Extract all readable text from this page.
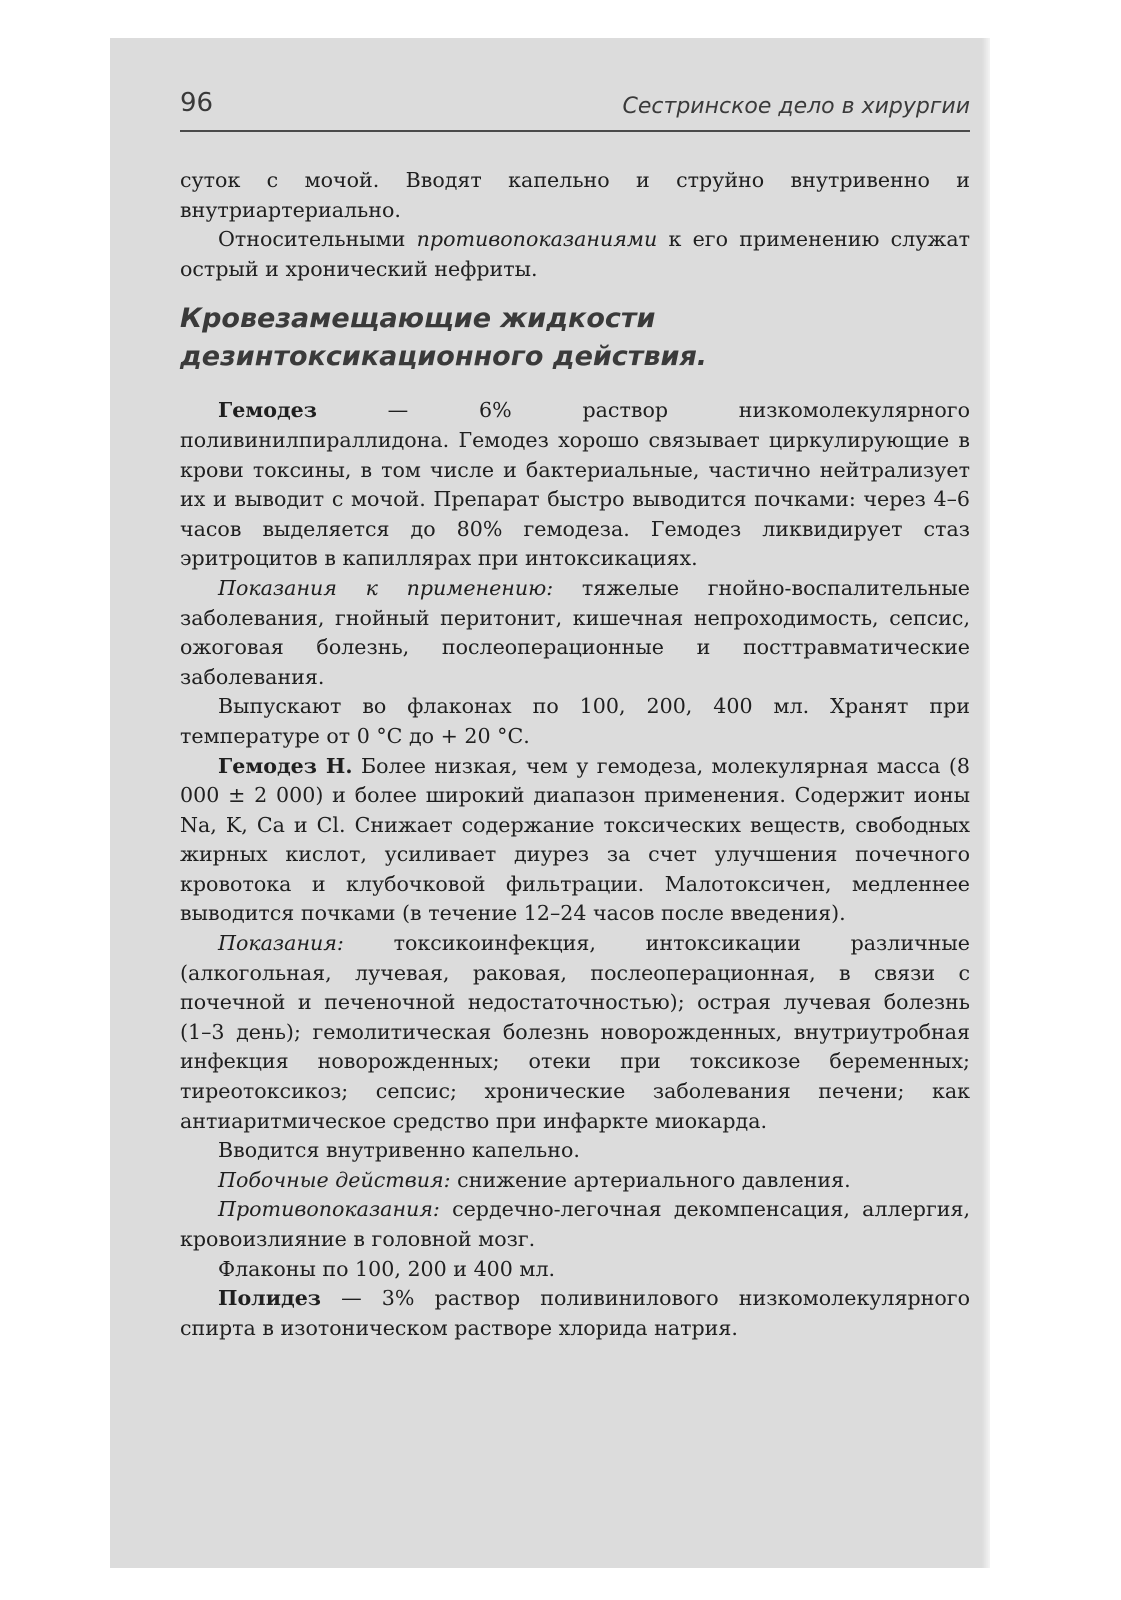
96	Сестринское дело в хирургии

суток с мочой. Вводят капельно и струйно внутривенно и внутриартериально.

Относительными противопоказаниями к его применению служат острый и хронический нефриты.

Кровезамещающие жидкости
дезинтоксикационного действия.

Гемодез — 6% раствор низкомолекулярного поливинилпираллидона. Гемодез хорошо связывает циркулирующие в крови токсины, в том числе и бактериальные, частично нейтрализует их и выводит с мочой. Препарат быстро выводится почками: через 4–6 часов выделяется до 80% гемодеза. Гемодез ликвидирует стаз эритроцитов в капиллярах при интоксикациях.

Показания к применению: тяжелые гнойно-воспалительные заболевания, гнойный перитонит, кишечная непроходимость, сепсис, ожоговая болезнь, послеоперационные и посттравматические заболевания.

Выпускают во флаконах по 100, 200, 400 мл. Хранят при температуре от 0 °С до + 20 °С.

Гемодез Н. Более низкая, чем у гемодеза, молекулярная масса (8 000 ± 2 000) и более широкий диапазон применения. Содержит ионы Na, K, Ca и Cl. Снижает содержание токсических веществ, свободных жирных кислот, усиливает диурез за счет улучшения почечного кровотока и клубочковой фильтрации. Малотоксичен, медленнее выводится почками (в течение 12–24 часов после введения).

Показания: токсикоинфекция, интоксикации различные (алкогольная, лучевая, раковая, послеоперационная, в связи с почечной и печеночной недостаточностью); острая лучевая болезнь (1–3 день); гемолитическая болезнь новорожденных, внутриутробная инфекция новорожденных; отеки при токсикозе беременных; тиреотоксикоз; сепсис; хронические заболевания печени; как антиаритмическое средство при инфаркте миокарда.

Вводится внутривенно капельно.

Побочные действия: снижение артериального давления.

Противопоказания: сердечно-легочная декомпенсация, аллергия, кровоизлияние в головной мозг.

Флаконы по 100, 200 и 400 мл.

Полидез — 3% раствор поливинилового низкомолекулярного спирта в изотоническом растворе хлорида натрия.
